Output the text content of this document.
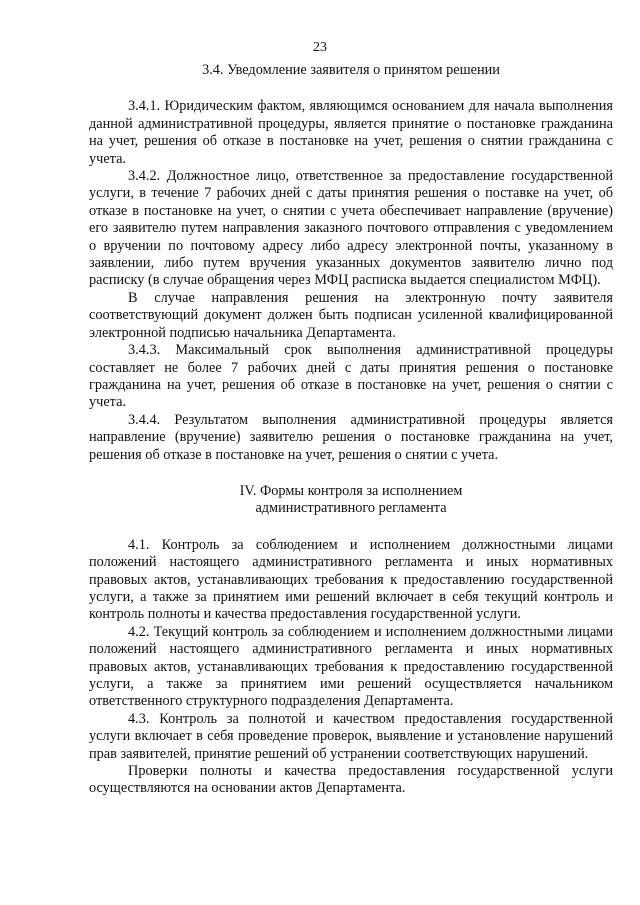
23

3.4. Уведомление заявителя о принятом решении

3.4.1. Юридическим фактом, являющимся основанием для начала выполнения данной административной процедуры, является принятие о постановке гражданина на учет, решения об отказе в постановке на учет, решения о снятии гражданина с учета.

3.4.2. Должностное лицо, ответственное за предоставление государственной услуги, в течение 7 рабочих дней с даты принятия решения о поставке на учет, об отказе в постановке на учет, о снятии с учета обеспечивает направление (вручение) его заявителю путем направления заказного почтового отправления с уведомлением о вручении по почтовому адресу либо адресу электронной почты, указанному в заявлении, либо путем вручения указанных документов заявителю лично под расписку (в случае обращения через МФЦ расписка выдается специалистом МФЦ).

В случае направления решения на электронную почту заявителя соответствующий документ должен быть подписан усиленной квалифицированной электронной подписью начальника Департамента.

3.4.3. Максимальный срок выполнения административной процедуры составляет не более 7 рабочих дней с даты принятия решения о постановке гражданина на учет, решения об отказе в постановке на учет, решения о снятии с учета.

3.4.4. Результатом выполнения административной процедуры является направление (вручение) заявителю решения о постановке гражданина на учет, решения об отказе в постановке на учет, решения о снятии с учета.

IV. Формы контроля за исполнением

административного регламента

4.1. Контроль за соблюдением и исполнением должностными лицами положений настоящего административного регламента и иных нормативных правовых актов, устанавливающих требования к предоставлению государственной услуги, а также за принятием ими решений включает в себя текущий контроль и контроль полноты и качества предоставления государственной услуги.

4.2. Текущий контроль за соблюдением и исполнением должностными лицами положений настоящего административного регламента и иных нормативных правовых актов, устанавливающих требования к предоставлению государственной услуги, а также за принятием ими решений осуществляется начальником ответственного структурного подразделения Департамента.

4.3. Контроль за полнотой и качеством предоставления государственной услуги включает в себя проведение проверок, выявление и установление нарушений прав заявителей, принятие решений об устранении соответствующих нарушений.

Проверки полноты и качества предоставления государственной услуги осуществляются на основании актов Департамента.
